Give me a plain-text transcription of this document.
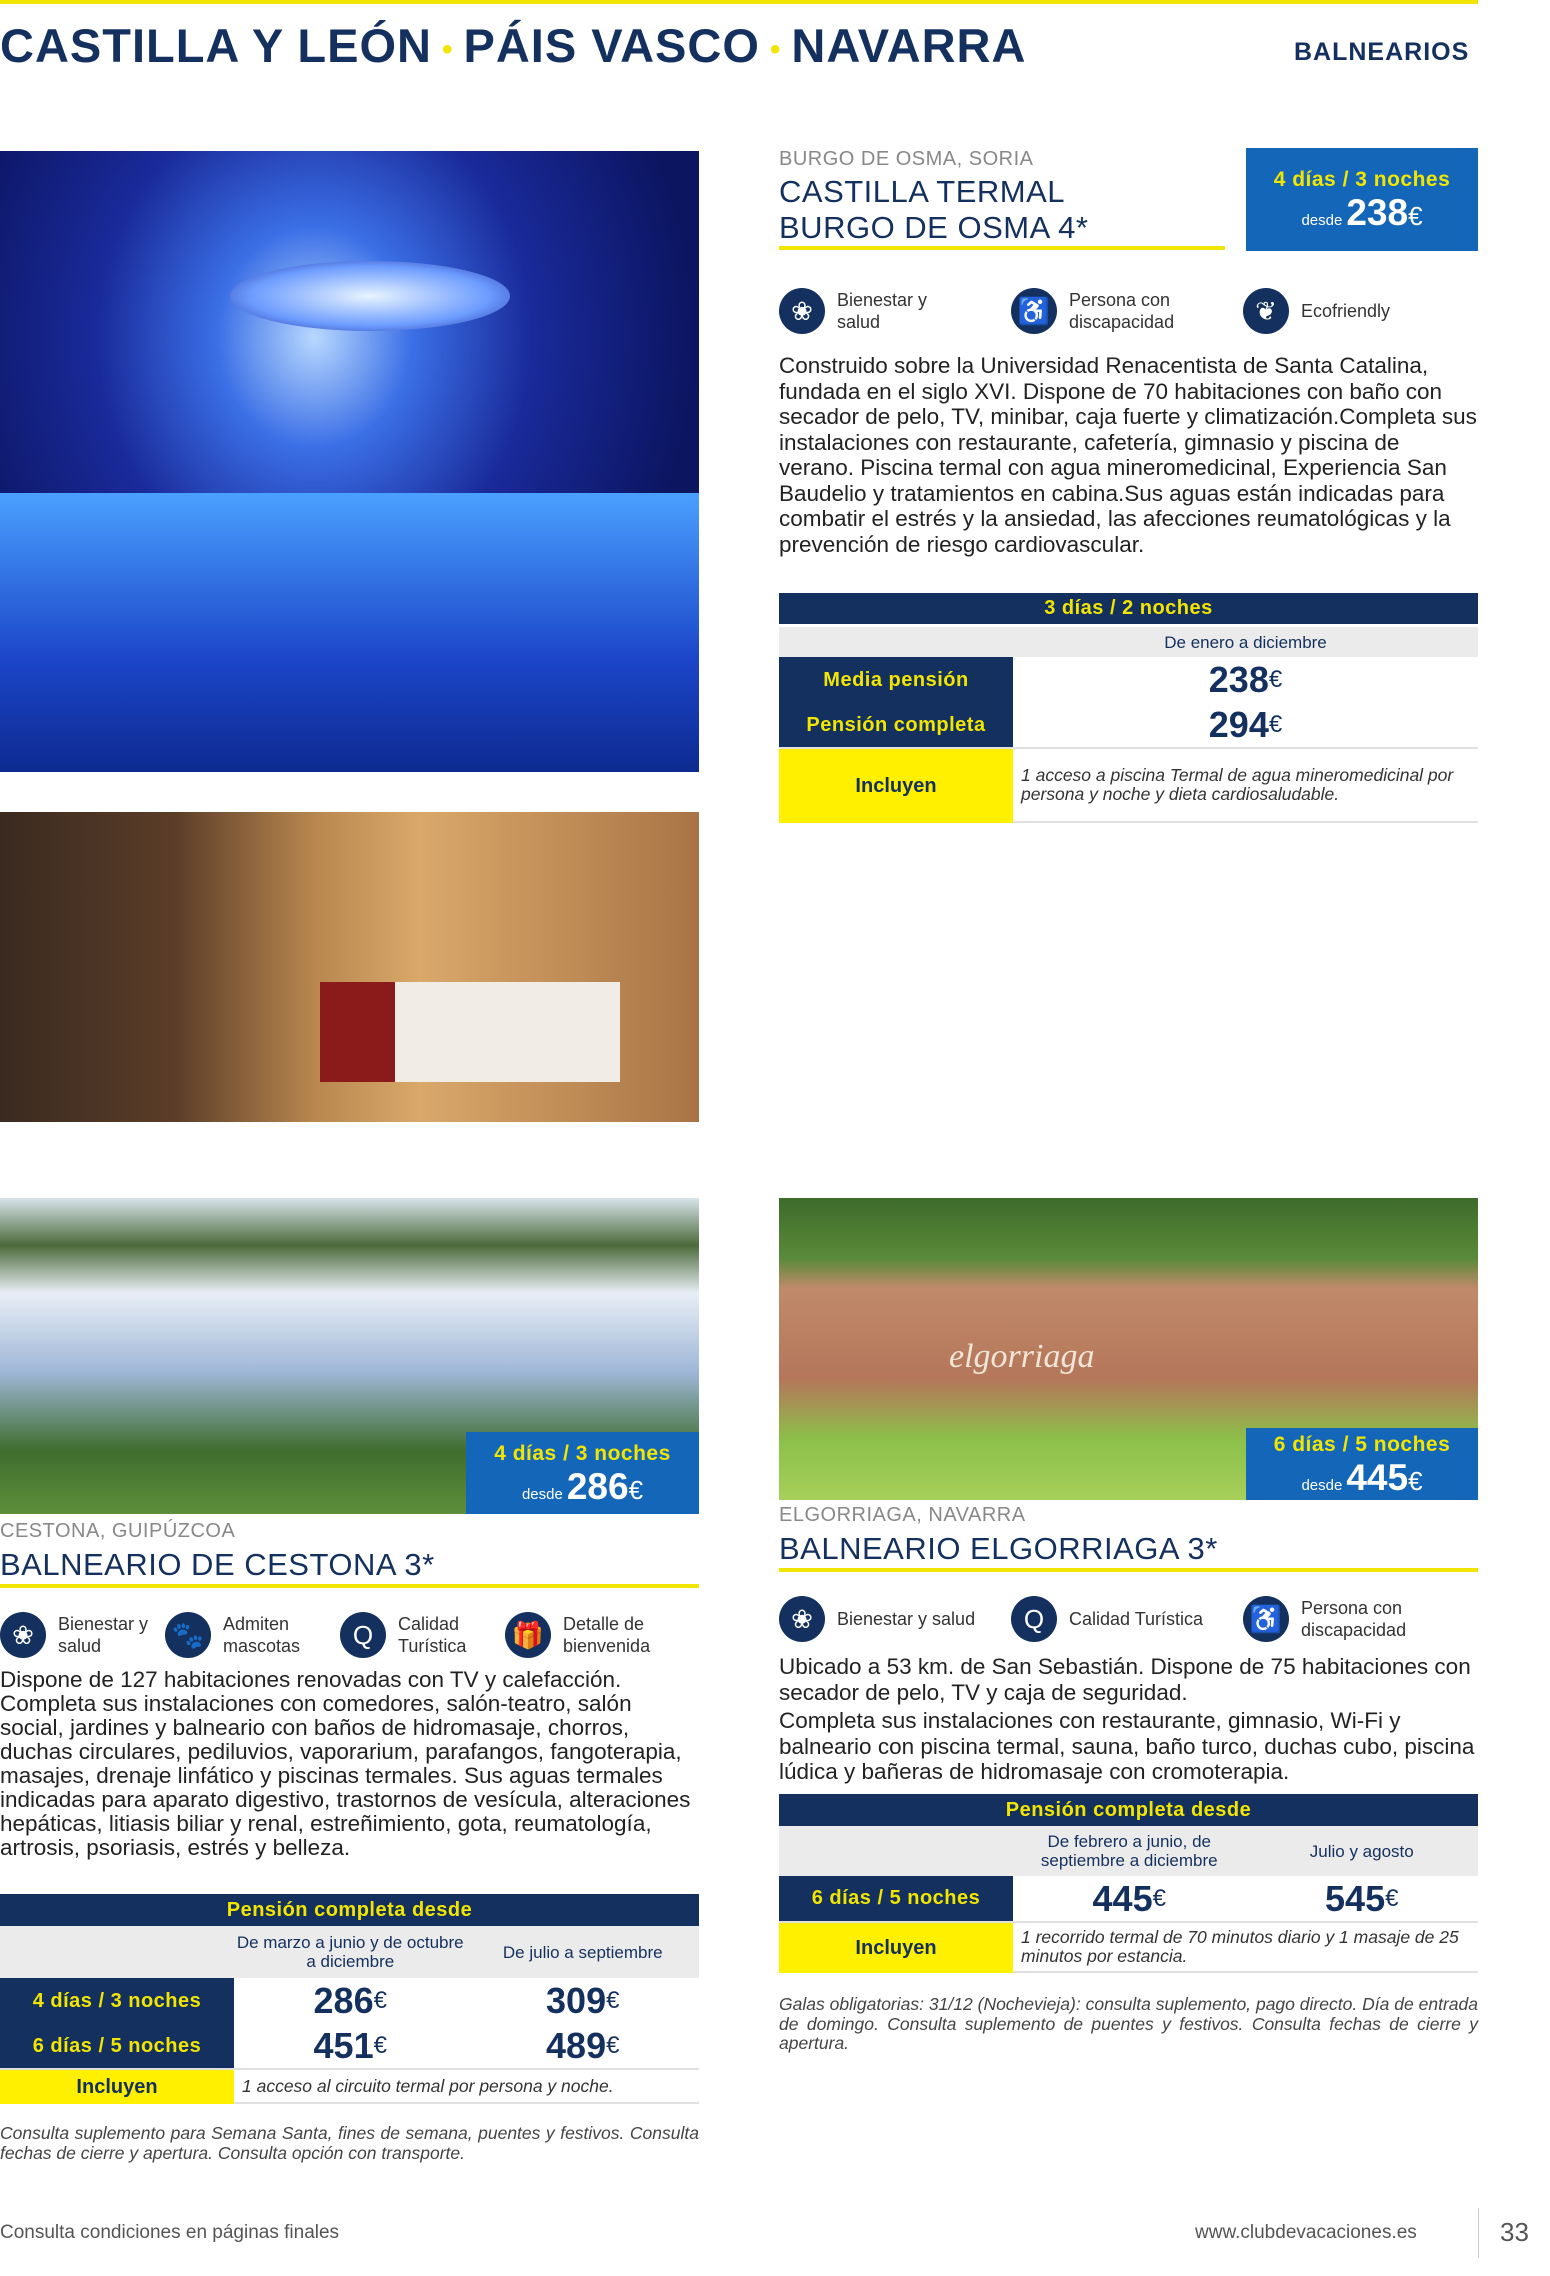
CASTILLA Y LEÓN • PÁIS VASCO • NAVARRA	BALNEARIOS
BURGO DE OSMA, SORIA
CASTILLA TERMAL
BURGO DE OSMA 4*
4 días / 3 noches
desde 238€
❀	Bienestar y salud	♿	Persona con discapacidad	❦	Ecofriendly
Construido sobre la Universidad Renacentista de Santa Catalina, fundada en el siglo XVI. Dispone de 70 habitaciones con baño con secador de pelo, TV, minibar, caja fuerte y climatización.Completa sus instalaciones con restaurante, cafetería, gimnasio y piscina de verano. Piscina termal con agua mineromedicinal, Experiencia San Baudelio y tratamientos en cabina.Sus aguas están indicadas para combatir el estrés y la ansiedad, las afecciones reumatológicas y la prevención de riesgo cardiovascular.
3 días / 2 noches
De enero a diciembre
Media pensión	238 €
Pensión completa	294 €
Incluyen	1 acceso a piscina Termal de agua mineromedicinal por persona y noche y dieta cardiosaludable.
4 días / 3 noches
desde 286€
CESTONA, GUIPÚZCOA
BALNEARIO DE CESTONA 3*
❀	Bienestar y salud	🐾	Admiten mascotas	Q	Calidad Turística	🎁	Detalle de bienvenida
Dispone de 127 habitaciones renovadas con TV y calefacción. Completa sus instalaciones con comedores, salón-teatro, salón social, jardines y balneario con baños de hidromasaje, chorros, duchas circulares, pediluvios, vaporarium, parafangos, fangoterapia, masajes, drenaje linfático y piscinas termales. Sus aguas termales indicadas para aparato digestivo, trastornos de vesícula, alteraciones hepáticas, litiasis biliar y renal, estreñimiento, gota, reumatología, artrosis, psoriasis, estrés y belleza.
Pensión completa desde
De marzo a junio y de octubre a diciembre	De julio a septiembre
4 días / 3 noches	286 €	309 €
6 días / 5 noches	451 €	489 €
Incluyen	1 acceso al circuito termal por persona y noche.
Consulta suplemento para Semana Santa, fines de semana, puentes y festivos. Consulta fechas de cierre y apertura. Consulta opción con transporte.
elgorriaga
6 días / 5 noches
desde 445€
ELGORRIAGA, NAVARRA
BALNEARIO ELGORRIAGA 3*
❀	Bienestar y salud	Q	Calidad Turística ♿	Persona con discapacidad
Ubicado a 53 km. de San Sebastián. Dispone de 75 habitaciones con secador de pelo, TV y caja de seguridad.
Completa sus instalaciones con restaurante, gimnasio, Wi-Fi y balneario con piscina termal, sauna, baño turco, duchas cubo, piscina lúdica y bañeras de hidromasaje con cromoterapia.
Pensión completa desde
De febrero a junio, de septiembre a diciembre	Julio y agosto
6 días / 5 noches	445 €	545 €
Incluyen	1 recorrido termal de 70 minutos diario y 1 masaje de 25 minutos por estancia.
Galas obligatorias: 31/12 (Nochevieja): consulta suplemento, pago directo. Día de entrada de domingo. Consulta suplemento de puentes y festivos. Consulta fechas de cierre y apertura.
Consulta condiciones en páginas finales	www.clubdevacaciones.es	33
